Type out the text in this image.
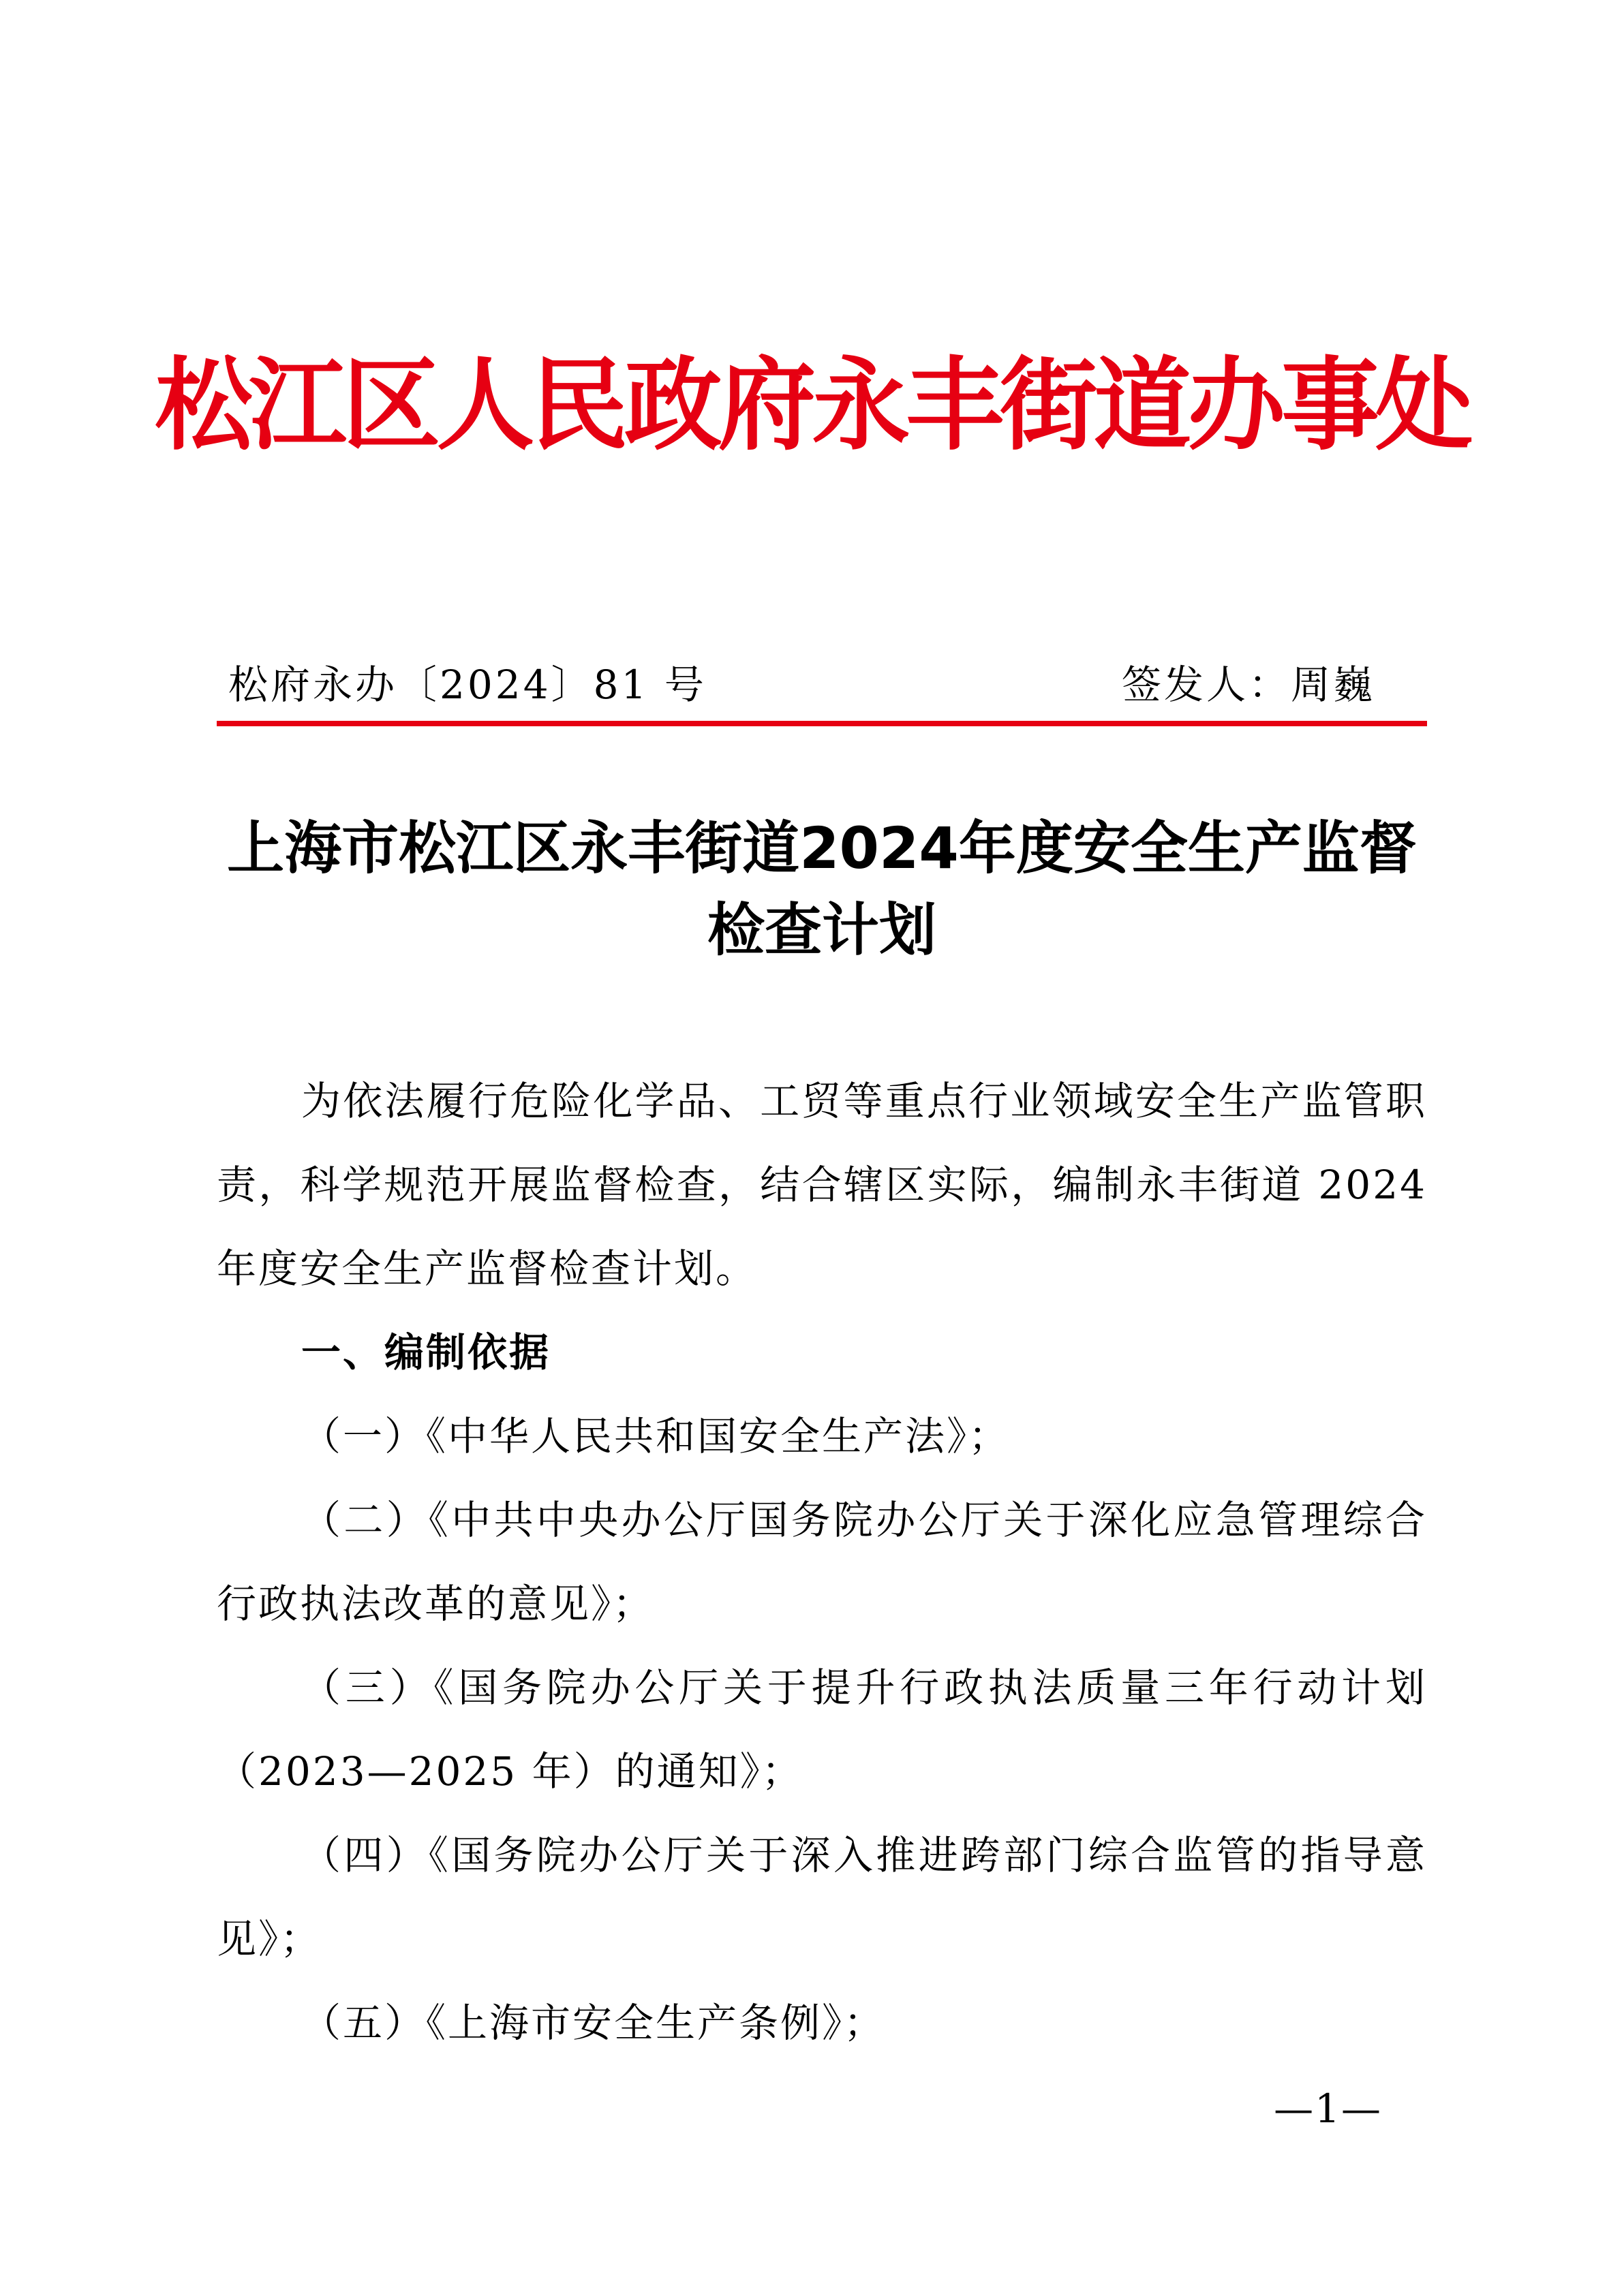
松江区人民政府永丰街道办事处
松府永办〔2024〕81 号	签发人：周巍
上海市松江区永丰街道2024年度安全生产监督
检查计划

为依法履行危险化学品、工贸等重点行业领域安全生产监管职责，科学规范开展监督检查，结合辖区实际，编制永丰街道 2024 年度安全生产监督检查计划。

一、编制依据

（一）《中华人民共和国安全生产法》；

（二）《中共中央办公厅国务院办公厅关于深化应急管理综合行政执法改革的意见》；

（三）《国务院办公厅关于提升行政执法质量三年行动计划（2023—2025 年）的通知》；

（四）《国务院办公厅关于深入推进跨部门综合监管的指导意见》；

（五）《上海市安全生产条例》；

—1—
